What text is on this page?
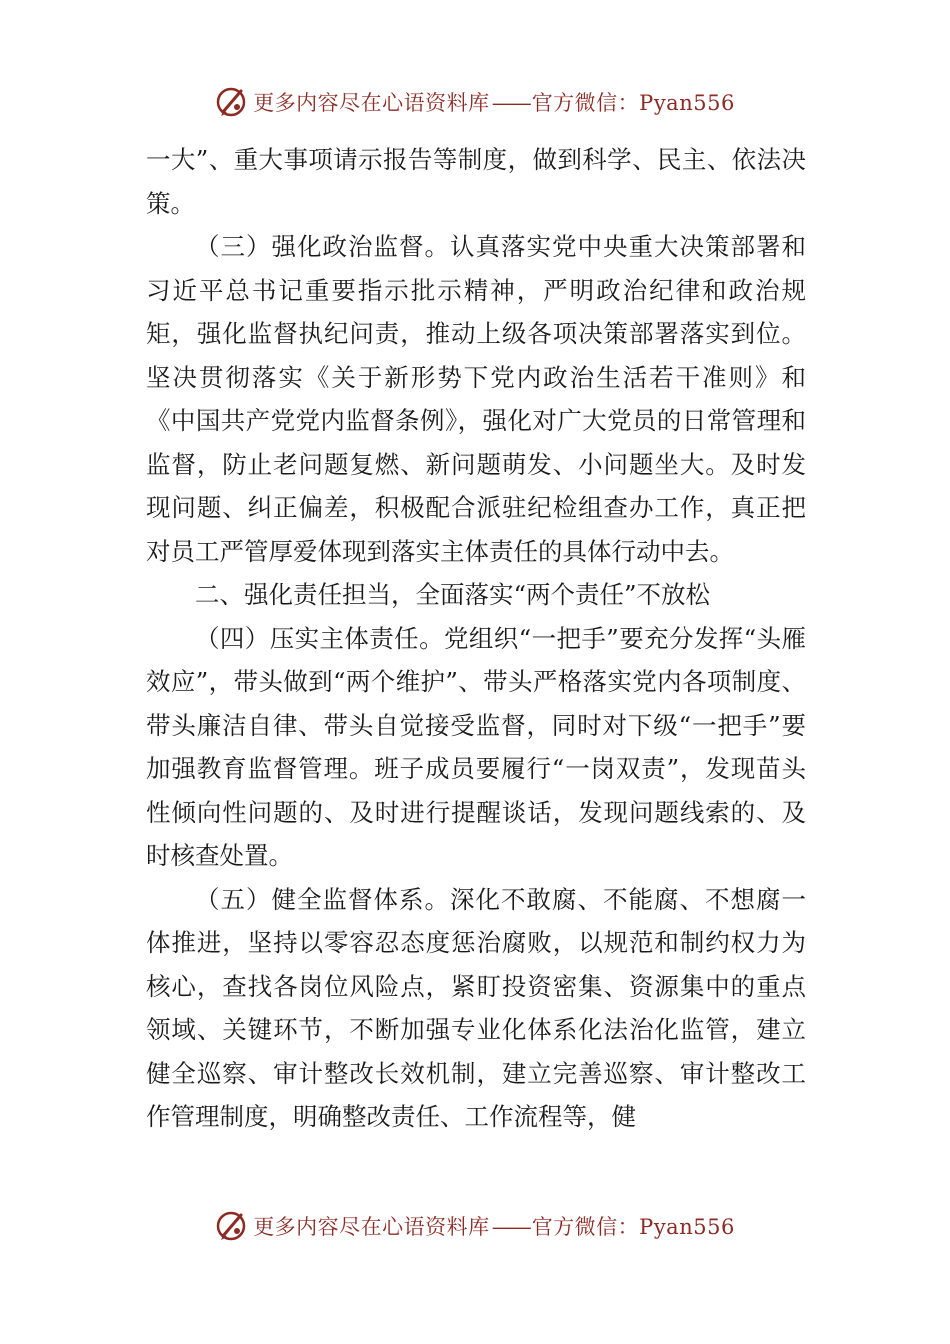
更多内容尽在心语资料库——官方微信：Pyan556

一大”、重大事项请示报告等制度，做到科学、民主、依法决策。

（三）强化政治监督。认真落实党中央重大决策部署和习近平总书记重要指示批示精神，严明政治纪律和政治规矩，强化监督执纪问责，推动上级各项决策部署落实到位。坚决贯彻落实《关于新形势下党内政治生活若干准则》和《中国共产党党内监督条例》，强化对广大党员的日常管理和监督，防止老问题复燃、新问题萌发、小问题坐大。及时发现问题、纠正偏差，积极配合派驻纪检组查办工作，真正把对员工严管厚爱体现到落实主体责任的具体行动中去。

二、强化责任担当，全面落实“两个责任”不放松

（四）压实主体责任。党组织“一把手”要充分发挥“头雁效应”，带头做到“两个维护”、带头严格落实党内各项制度、带头廉洁自律、带头自觉接受监督，同时对下级“一把手”要加强教育监督管理。班子成员要履行“一岗双责”，发现苗头性倾向性问题的、及时进行提醒谈话，发现问题线索的、及时核查处置。

（五）健全监督体系。深化不敢腐、不能腐、不想腐一体推进，坚持以零容忍态度惩治腐败，以规范和制约权力为核心，查找各岗位风险点，紧盯投资密集、资源集中的重点领域、关键环节，不断加强专业化体系化法治化监管，建立健全巡察、审计整改长效机制，建立完善巡察、审计整改工作管理制度，明确整改责任、工作流程等，健

更多内容尽在心语资料库——官方微信：Pyan556
